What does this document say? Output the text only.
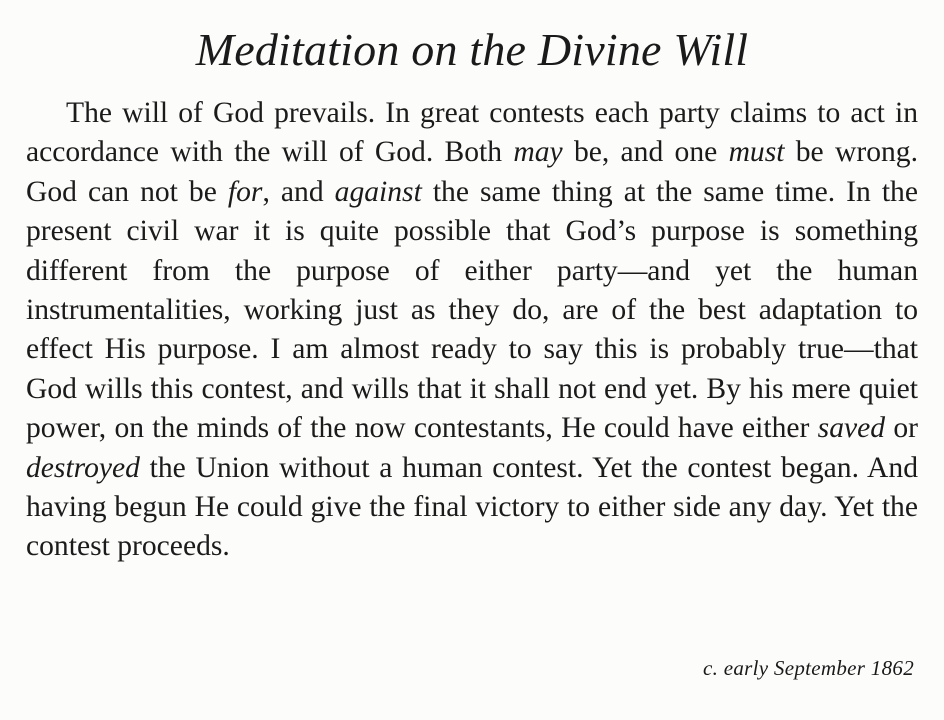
Meditation on the Divine Will

The will of God prevails. In great contests each party claims to act in accordance with the will of God. Both may be, and one must be wrong. God can not be for, and against the same thing at the same time. In the present civil war it is quite possible that God’s purpose is something different from the purpose of either party—and yet the human instrumentalities, working just as they do, are of the best adaptation to effect His purpose. I am almost ready to say this is probably true—that God wills this contest, and wills that it shall not end yet. By his mere quiet power, on the minds of the now contestants, He could have either saved or destroyed the Union without a human contest. Yet the contest began. And having begun He could give the final victory to either side any day. Yet the contest proceeds.

c. early September 1862
